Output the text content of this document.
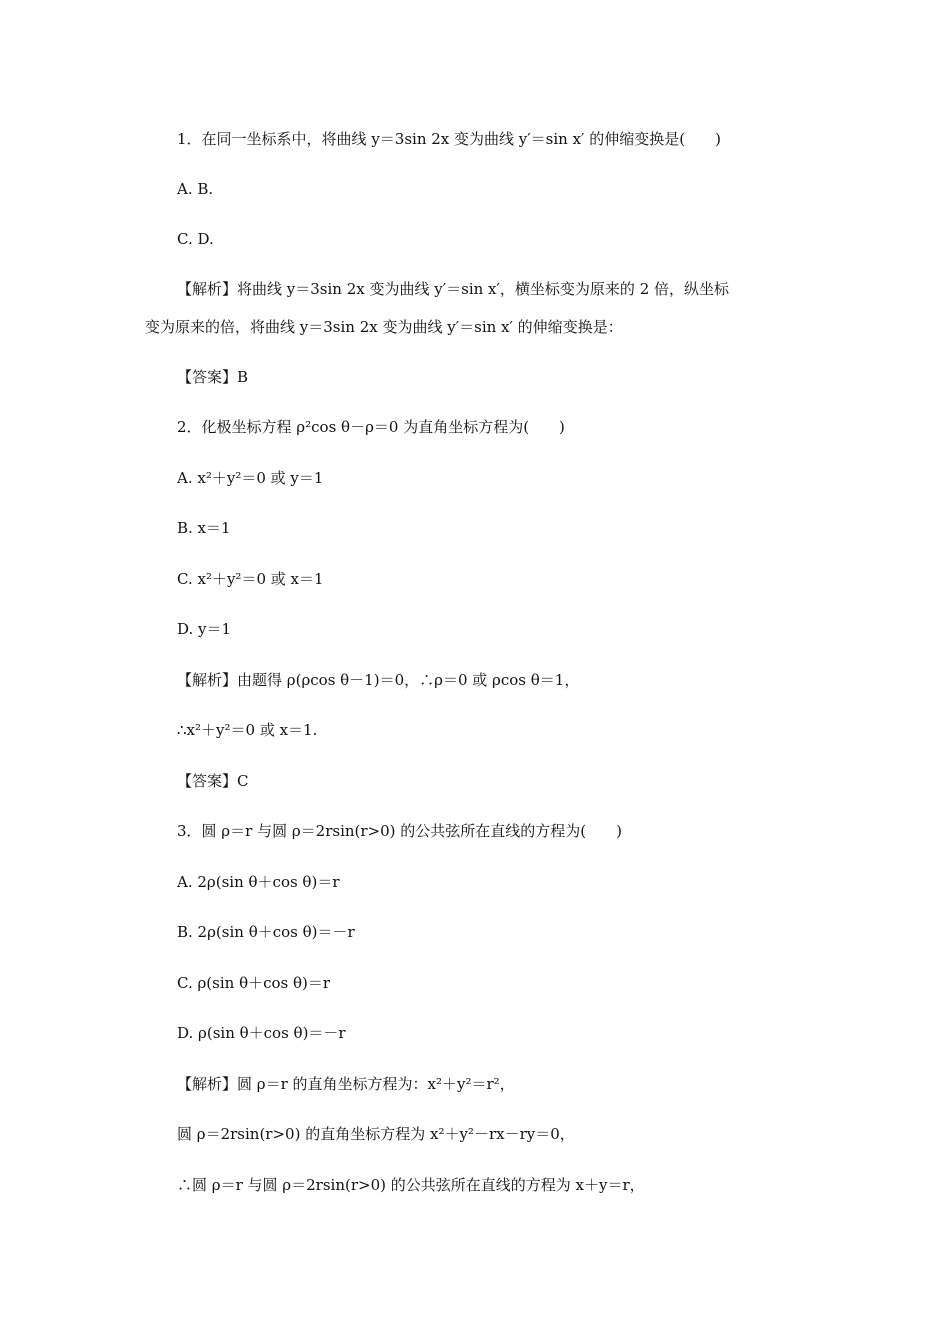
1．在同一坐标系中，将曲线 y＝3sin 2x 变为曲线 y′＝sin x′ 的伸缩变换是(　　)
A. B.
C. D.
【解析】将曲线 y＝3sin 2x 变为曲线 y′＝sin x′，横坐标变为原来的 2 倍，纵坐标
变为原来的倍，将曲线 y＝3sin 2x 变为曲线 y′＝sin x′ 的伸缩变换是：
【答案】B
2．化极坐标方程 ρ²cos θ－ρ＝0 为直角坐标方程为(　　)
A. x²＋y²＝0 或 y＝1
B. x＝1
C. x²＋y²＝0 或 x＝1
D. y＝1
【解析】由题得 ρ(ρcos θ－1)＝0，∴ρ＝0 或 ρcos θ＝1，
∴x²＋y²＝0 或 x＝1.
【答案】C
3．圆 ρ＝r 与圆 ρ＝2rsin(r>0) 的公共弦所在直线的方程为(　　)
A. 2ρ(sin θ＋cos θ)＝r
B. 2ρ(sin θ＋cos θ)＝－r
C. ρ(sin θ＋cos θ)＝r
D. ρ(sin θ＋cos θ)＝－r
【解析】圆 ρ＝r 的直角坐标方程为：x²＋y²＝r²，
圆 ρ＝2rsin(r>0) 的直角坐标方程为 x²＋y²－rx－ry＝0，
∴圆 ρ＝r 与圆 ρ＝2rsin(r>0) 的公共弦所在直线的方程为 x＋y＝r，
